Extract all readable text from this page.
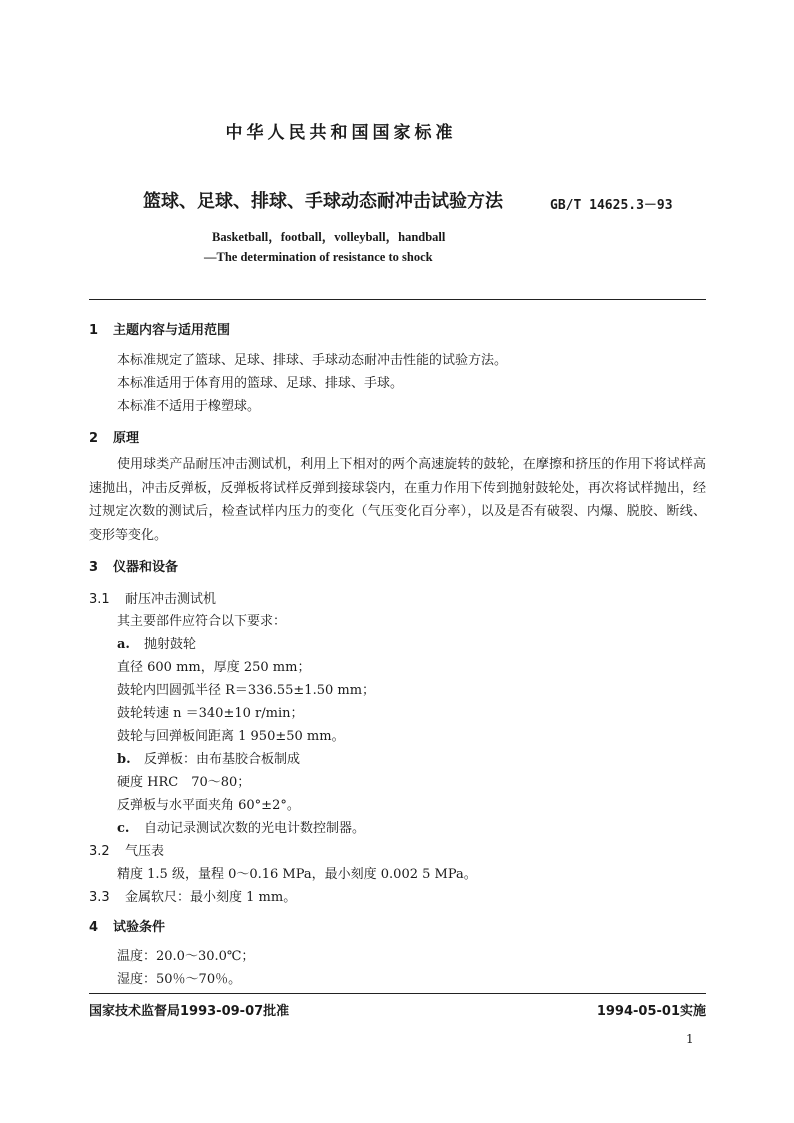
中华人民共和国国家标准
篮球、足球、排球、手球动态耐冲击试验方法	GB/T 14625.3－93
Basketball，football，volleyball，handball
—The determination of resistance to shock
1 主题内容与适用范围
本标准规定了篮球、足球、排球、手球动态耐冲击性能的试验方法。
本标准适用于体育用的篮球、足球、排球、手球。
本标准不适用于橡塑球。
2 原理
使用球类产品耐压冲击测试机，利用上下相对的两个高速旋转的鼓轮，在摩擦和挤压的作用下将试样高速抛出，冲击反弹板，反弹板将试样反弹到接球袋内，在重力作用下传到抛射鼓轮处，再次将试样抛出，经过规定次数的测试后，检查试样内压力的变化（气压变化百分率），以及是否有破裂、内爆、脱胶、断线、变形等变化。
3 仪器和设备
3.1 耐压冲击测试机
其主要部件应符合以下要求：
a. 抛射鼓轮
直径 600 mm，厚度 250 mm；
鼓轮内凹圆弧半径 R＝336.55±1.50 mm；
鼓轮转速 n ＝340±10 r/min；
鼓轮与回弹板间距离 1 950±50 mm。
b. 反弹板：由布基胶合板制成
硬度 HRC　70～80；
反弹板与水平面夹角 60°±2°。
c. 自动记录测试次数的光电计数控制器。
3.2 气压表
精度 1.5 级，量程 0～0.16 MPa，最小刻度 0.002 5 MPa。
3.3 金属软尺：最小刻度 1 mm。
4 试验条件
温度：20.0～30.0℃；
湿度：50％～70％。
国家技术监督局1993-09-07批准	1994-05-01实施
1
